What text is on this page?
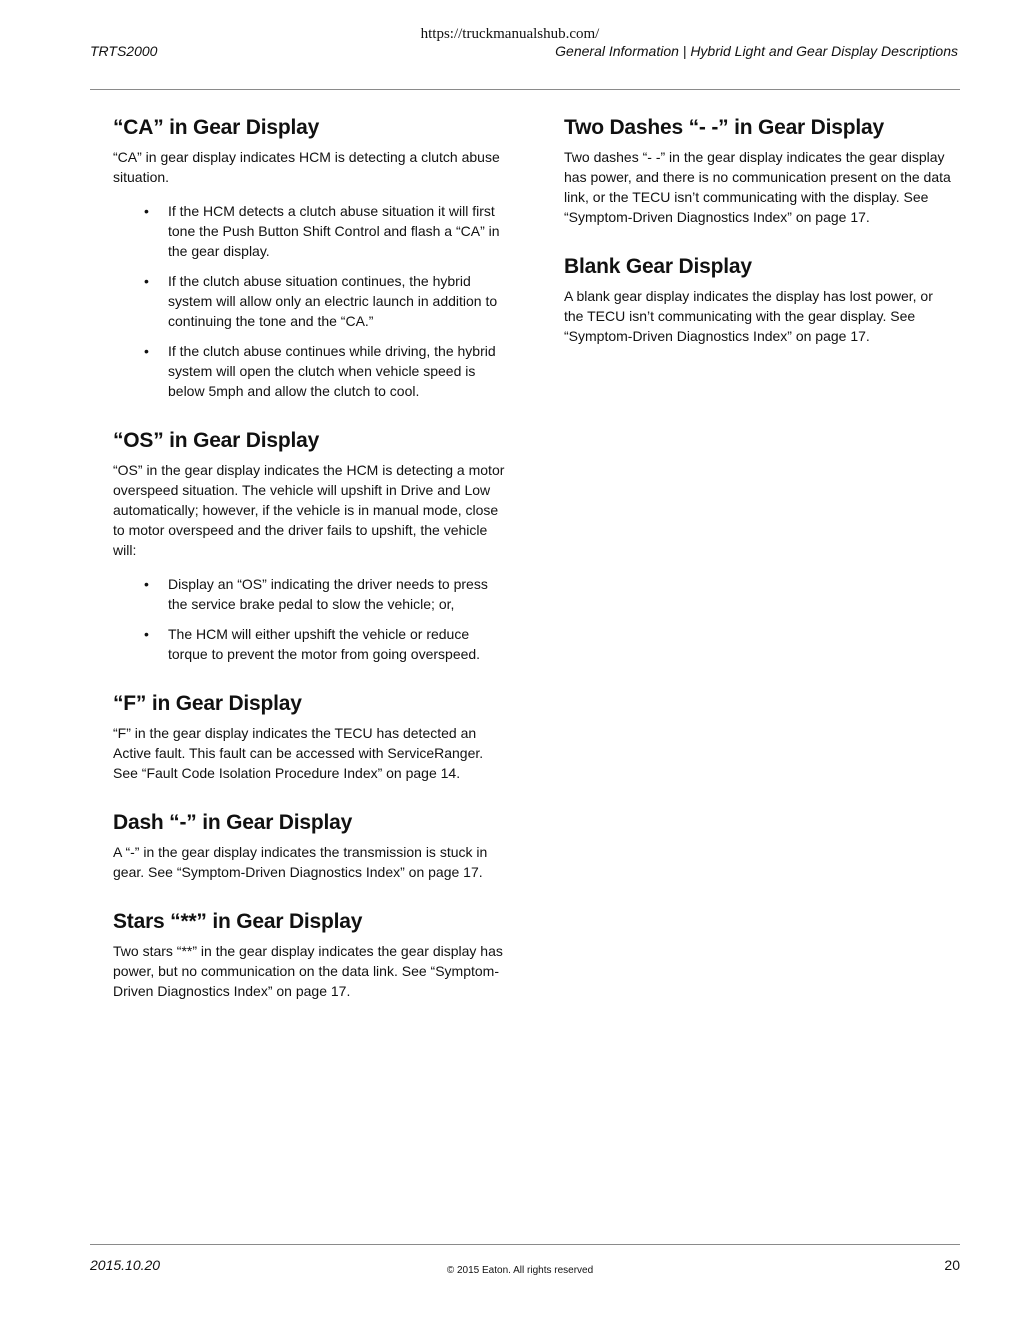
https://truckmanualshub.com/
TRTS2000	General Information | Hybrid Light and Gear Display Descriptions
“CA” in Gear Display

“CA” in gear display indicates HCM is detecting a clutch abuse situation.

• If the HCM detects a clutch abuse situation it will first tone the Push Button Shift Control and flash a “CA” in the gear display.
• If the clutch abuse situation continues, the hybrid system will allow only an electric launch in addition to continuing the tone and the “CA.”
• If the clutch abuse continues while driving, the hybrid system will open the clutch when vehicle speed is below 5mph and allow the clutch to cool.
“OS” in Gear Display

“OS” in the gear display indicates the HCM is detecting a motor overspeed situation. The vehicle will upshift in Drive and Low automatically; however, if the vehicle is in manual mode, close to motor overspeed and the driver fails to upshift, the vehicle will:

• Display an “OS” indicating the driver needs to press the service brake pedal to slow the vehicle; or,
• The HCM will either upshift the vehicle or reduce torque to prevent the motor from going overspeed.
“F” in Gear Display

“F” in the gear display indicates the TECU has detected an Active fault. This fault can be accessed with ServiceRanger. See “Fault Code Isolation Procedure Index” on page 14.

Dash “-” in Gear Display

A “-” in the gear display indicates the transmission is stuck in gear. See “Symptom-Driven Diagnostics Index” on page 17.

Stars “**” in Gear Display

Two stars “**” in the gear display indicates the gear display has power, but no communication on the data link. See “Symptom-Driven Diagnostics Index” on page 17.

Two Dashes “- -” in Gear Display

Two dashes “- -” in the gear display indicates the gear display has power, and there is no communication present on the data link, or the TECU isn’t communicating with the display. See “Symptom-Driven Diagnostics Index” on page 17.

Blank Gear Display

A blank gear display indicates the display has lost power, or the TECU isn’t communicating with the gear display. See “Symptom-Driven Diagnostics Index” on page 17.

2015.10.20	© 2015 Eaton. All rights reserved	20
